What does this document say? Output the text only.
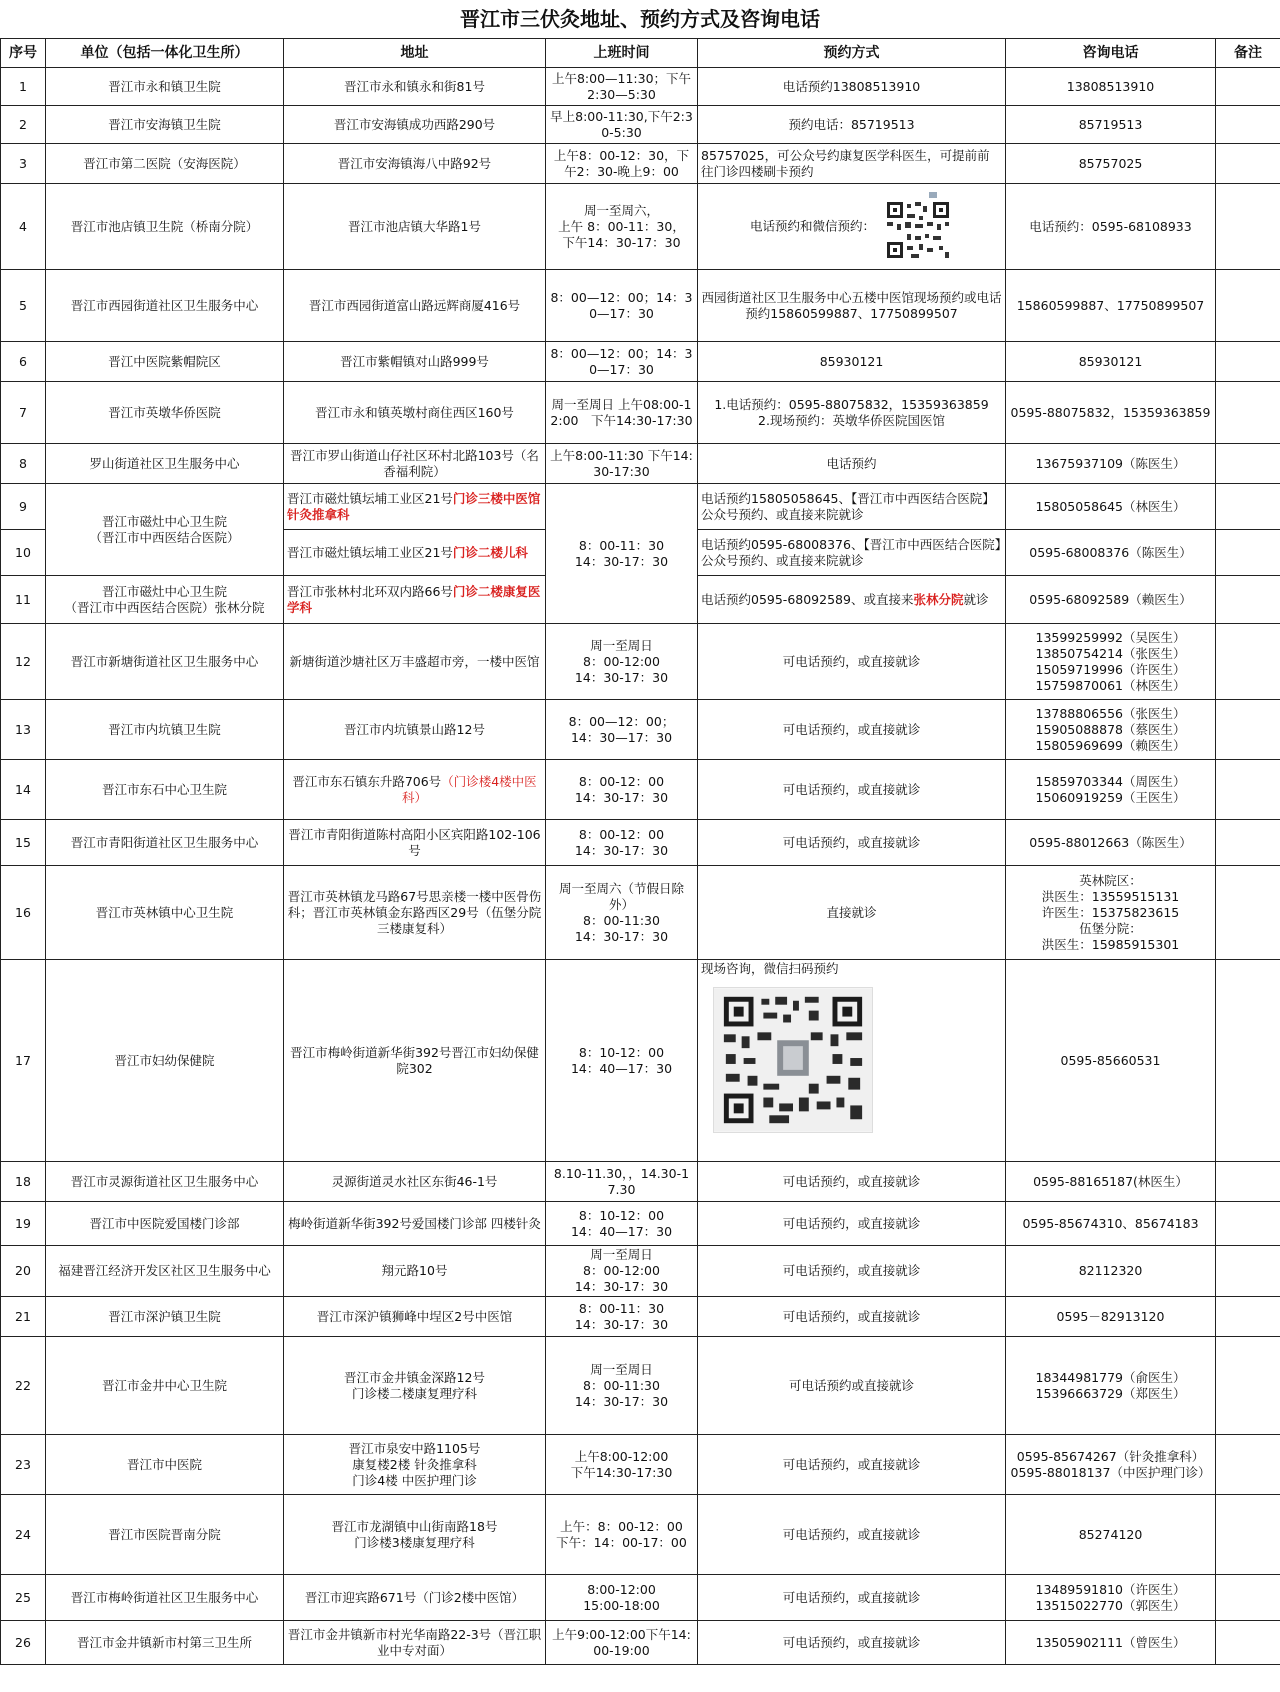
晋江市三伏灸地址、预约方式及咨询电话
序号	单位（包括一体化卫生所）	地址	上班时间	预约方式	咨询电话	备注
1	晋江市永和镇卫生院	晋江市永和镇永和街81号	上午8:00—11:30；下午2:30—5:30	电话预约13808513910	13808513910	
2	晋江市安海镇卫生院	晋江市安海镇成功西路290号	早上8:00-11:30,下午2:30-5:30	预约电话：85719513	85719513	
3	晋江市第二医院（安海医院）	晋江市安海镇海八中路92号	上午8：00-12：30，下午2：30-晚上9：00	85757025，可公众号约康复医学科医生，可提前前往门诊四楼刷卡预约	85757025	
4	晋江市池店镇卫生院（桥南分院）	晋江市池店镇大华路1号	周一至周六，
上午 8：00-11：30，
下午14：30-17：30	电话预约和微信预约：	电话预约：0595-68108933	
5	晋江市西园街道社区卫生服务中心	晋江市西园街道富山路远辉商厦416号	8：00—12：00；14：30—17：30	西园街道社区卫生服务中心五楼中医馆现场预约或电话预约15860599887、17750899507	15860599887、17750899507	
6	晋江中医院紫帽院区	晋江市紫帽镇对山路999号	8：00—12：00；14：30—17：30	85930121	85930121	
7	晋江市英墩华侨医院	晋江市永和镇英墩村商住西区160号	周一至周日 上午08:00-12:00　下午14:30-17:30	1.电话预约：0595-88075832，15359363859
2.现场预约：英墩华侨医院国医馆	0595-88075832，15359363859	
8	罗山街道社区卫生服务中心	晋江市罗山街道山仔社区环村北路103号（名香福利院）	上午8:00-11:30 下午14:30-17:30	电话预约	13675937109（陈医生）	
9	晋江市磁灶中心卫生院
（晋江市中西医结合医院）	晋江市磁灶镇坛埔工业区21号门诊三楼中医馆针灸推拿科	8：00-11：30
14：30-17：30	电话预约15805058645、【晋江市中西医结合医院】公众号预约、或直接来院就诊	15805058645（林医生）	
10		晋江市磁灶镇坛埔工业区21号门诊二楼儿科		电话预约0595-68008376、【晋江市中西医结合医院】公众号预约、或直接来院就诊	0595-68008376（陈医生）	
11	晋江市磁灶中心卫生院
（晋江市中西医结合医院）张林分院	晋江市张林村北环双内路66号门诊二楼康复医学科		电话预约0595-68092589、或直接来张林分院就诊	0595-68092589（赖医生）	
12	晋江市新塘街道社区卫生服务中心	新塘街道沙塘社区万丰盛超市旁，一楼中医馆	周一至周日
8：00-12:00
14：30-17：30	可电话预约，或直接就诊	13599259992（吴医生）
13850754214（张医生）
15059719996（许医生）
15759870061（林医生）	
13	晋江市内坑镇卫生院	晋江市内坑镇景山路12号	8：00—12：00；
14：30—17：30	可电话预约，或直接就诊	13788806556（张医生）
15905088878（蔡医生）
15805969699（赖医生）	
14	晋江市东石中心卫生院	晋江市东石镇东升路706号（门诊楼4楼中医科）	8：00-12：00
14：30-17：30	可电话预约，或直接就诊	15859703344（周医生）
15060919259（王医生）	
15	晋江市青阳街道社区卫生服务中心	晋江市青阳街道陈村高阳小区宾阳路102-106号	8：00-12：00
14：30-17：30	可电话预约，或直接就诊	0595-88012663（陈医生）	
16	晋江市英林镇中心卫生院	晋江市英林镇龙马路67号思亲楼一楼中医骨伤科；晋江市英林镇金东路西区29号（伍堡分院三楼康复科）	周一至周六（节假日除外）
8：00-11:30
14：30-17：30	直接就诊	英林院区：
洪医生：13559515131
许医生：15375823615
伍堡分院：
洪医生：15985915301	
17	晋江市妇幼保健院	晋江市梅岭街道新华街392号晋江市妇幼保健院302	8：10-12：00
14：40—17：30	现场咨询，微信扫码预约	0595-85660531	
18	晋江市灵源街道社区卫生服务中心	灵源街道灵水社区东街46-1号	8.10-11.30，，14.30-17.30	可电话预约，或直接就诊	0595-88165187(林医生）	
19	晋江市中医院爱国楼门诊部	梅岭街道新华街392号爱国楼门诊部 四楼针灸	8：10-12：00
14：40—17：30	可电话预约，或直接就诊	0595-85674310、85674183	
20	福建晋江经济开发区社区卫生服务中心	翔元路10号	周一至周日
8：00-12:00
14：30-17：30	可电话预约，或直接就诊	82112320	
21	晋江市深沪镇卫生院	晋江市深沪镇狮峰中埕区2号中医馆	8：00-11：30
14：30-17：30	可电话预约，或直接就诊	0595－82913120	
22	晋江市金井中心卫生院	晋江市金井镇金深路12号
门诊楼二楼康复理疗科	周一至周日
8：00-11:30
14：30-17：30	可电话预约或直接就诊	18344981779（俞医生）
15396663729（郑医生）	
23	晋江市中医院	晋江市泉安中路1105号
康复楼2楼 针灸推拿科
门诊4楼 中医护理门诊	上午8:00-12:00
下午14:30-17:30	可电话预约，或直接就诊	0595-85674267（针灸推拿科）
0595-88018137（中医护理门诊）	
24	晋江市医院晋南分院	晋江市龙湖镇中山街南路18号
门诊楼3楼康复理疗科	上午：8：00-12：00
下午：14：00-17：00	可电话预约，或直接就诊	85274120	
25	晋江市梅岭街道社区卫生服务中心	晋江市迎宾路671号（门诊2楼中医馆）	8:00-12:00
15:00-18:00	可电话预约，或直接就诊	13489591810（许医生）
13515022770（郭医生）	
26	晋江市金井镇新市村第三卫生所	晋江市金井镇新市村光华南路22-3号（晋江职业中专对面）	上午9:00-12:00下午14:00-19:00	可电话预约，或直接就诊	13505902111（曾医生）	
